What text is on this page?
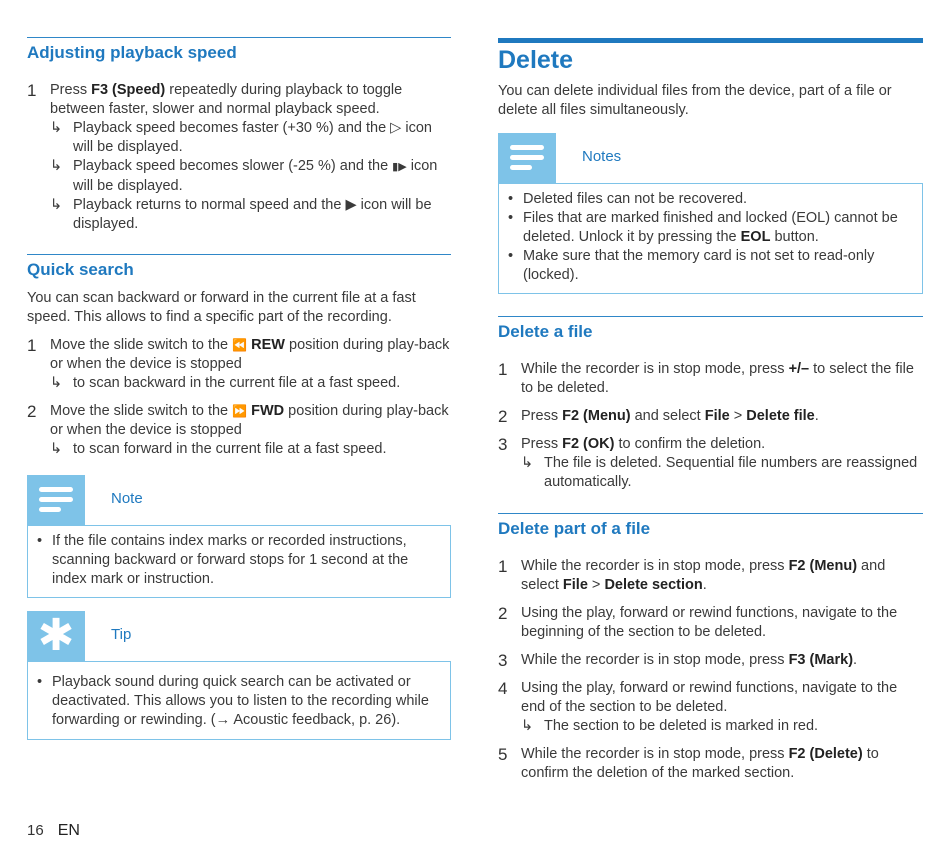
Adjusting playback speed
1 Press F3 (Speed) repeatedly during playback to toggle between faster, slower and normal playback speed.
↳ Playback speed becomes faster (+30 %) and the ▷ icon will be displayed.
↳ Playback speed becomes slower (-25 %) and the ▮▶ icon will be displayed.
↳ Playback returns to normal speed and the ▶ icon will be displayed.
Quick search

You can scan backward or forward in the current file at a fast speed. This allows to find a specific part of the recording.

1 Move the slide switch to the ⏪ REW position during play-back or when the device is stopped
↳ to scan backward in the current file at a fast speed.
2 Move the slide switch to the ⏩ FWD position during play-back or when the device is stopped
↳ to scan forward in the current file at a fast speed.
Note
• If the file contains index marks or recorded instructions, scanning backward or forward stops for 1 second at the index mark or instruction.
✱	Tip
• Playback sound during quick search can be activated or deactivated. This allows you to listen to the recording while forwarding or rewinding. (→ Acoustic feedback, p. 26).
Delete

You can delete individual files from the device, part of a file or delete all files simultaneously.

Notes
• Deleted files can not be recovered.
• Files that are marked finished and locked (EOL) cannot be deleted. Unlock it by pressing the EOL button.
• Make sure that the memory card is not set to read-only (locked).
Delete a file
1 While the recorder is in stop mode, press +/– to select the file to be deleted.
2 Press F2 (Menu) and select File > Delete file.
3 Press F2 (OK) to confirm the deletion.
↳ The file is deleted. Sequential file numbers are reassigned automatically.
Delete part of a file
1 While the recorder is in stop mode, press F2 (Menu) and select File > Delete section.
2 Using the play, forward or rewind functions, navigate to the beginning of the section to be deleted.
3 While the recorder is in stop mode, press F3 (Mark).
4 Using the play, forward or rewind functions, navigate to the end of the section to be deleted.
↳ The section to be deleted is marked in red.
5 While the recorder is in stop mode, press F2 (Delete) to confirm the deletion of the marked section.
16 EN
